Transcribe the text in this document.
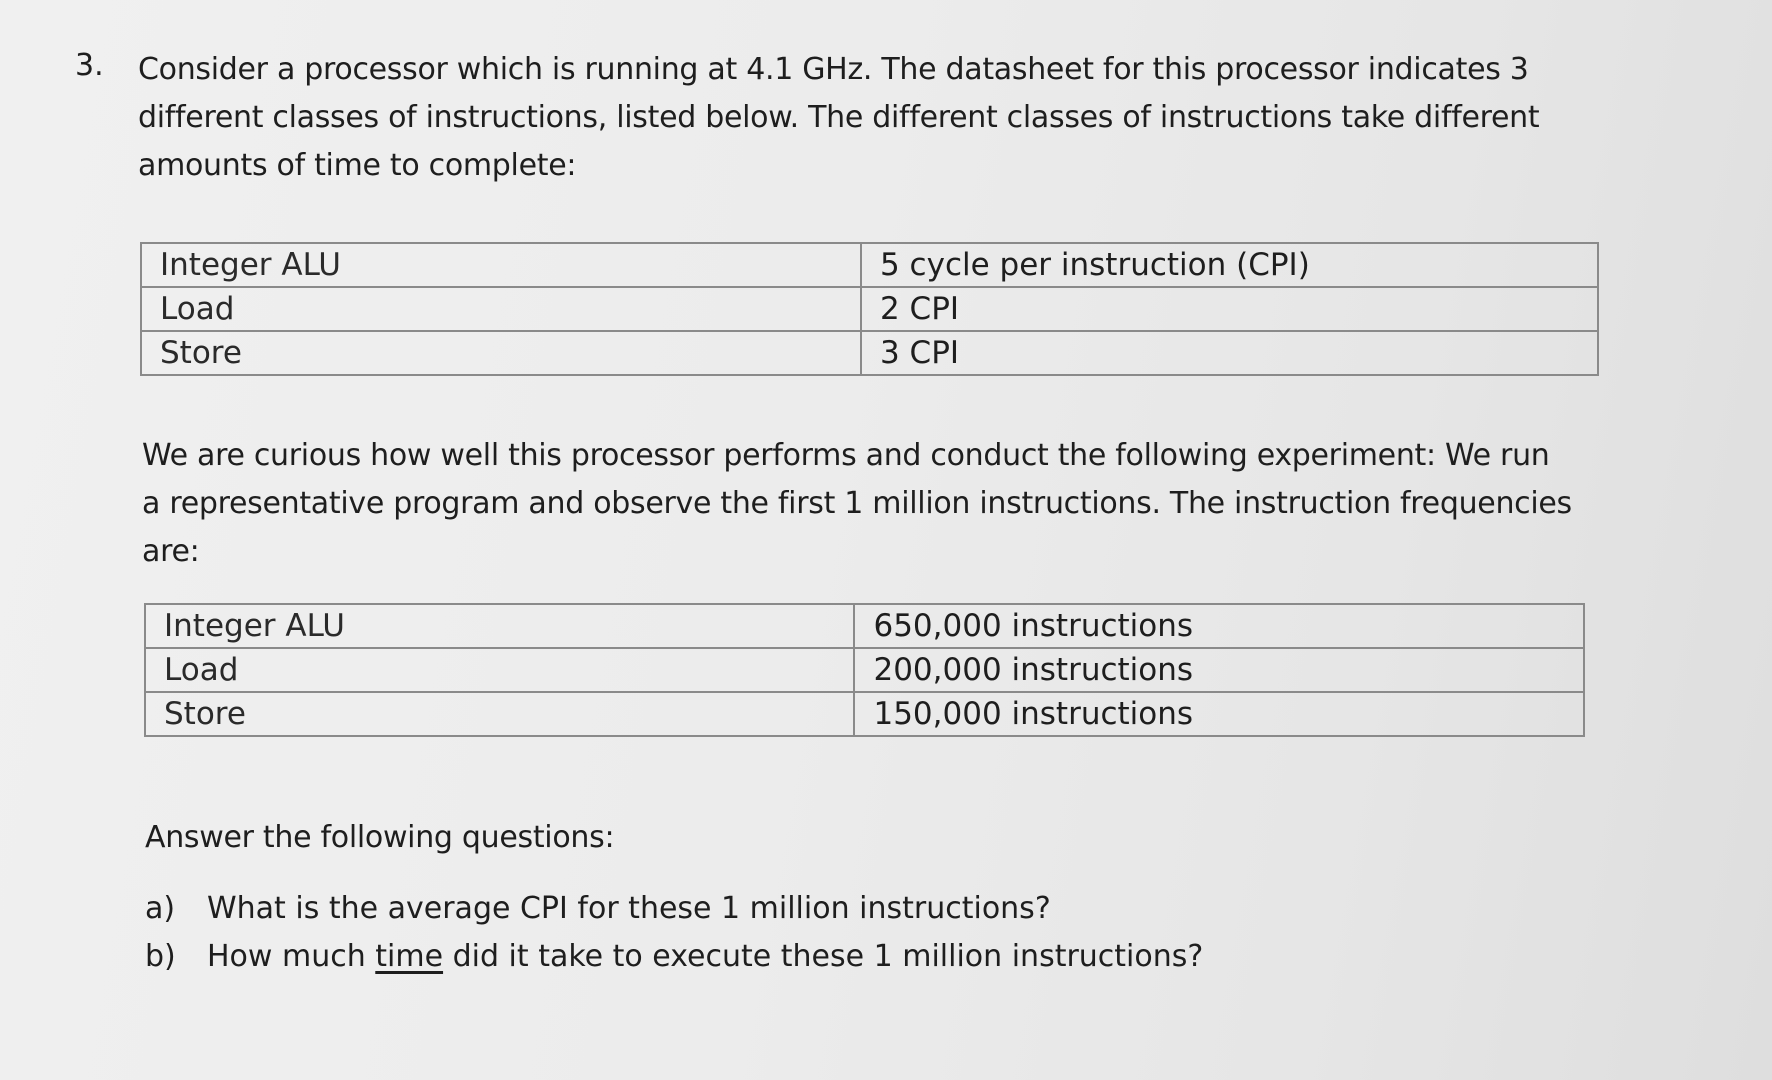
3. Consider a processor which is running at 4.1 GHz. The datasheet for this processor indicates 3 different classes of instructions, listed below. The different classes of instructions take different amounts of time to complete:

Integer ALU	5 cycle per instruction (CPI)
Load	2 CPI
Store	3 CPI

We are curious how well this processor performs and conduct the following experiment: We run a representative program and observe the first 1 million instructions. The instruction frequencies are:

Integer ALU	650,000 instructions
Load	200,000 instructions
Store	150,000 instructions

Answer the following questions:

a)	What is the average CPI for these 1 million instructions?
b)	How much time did it take to execute these 1 million instructions?
